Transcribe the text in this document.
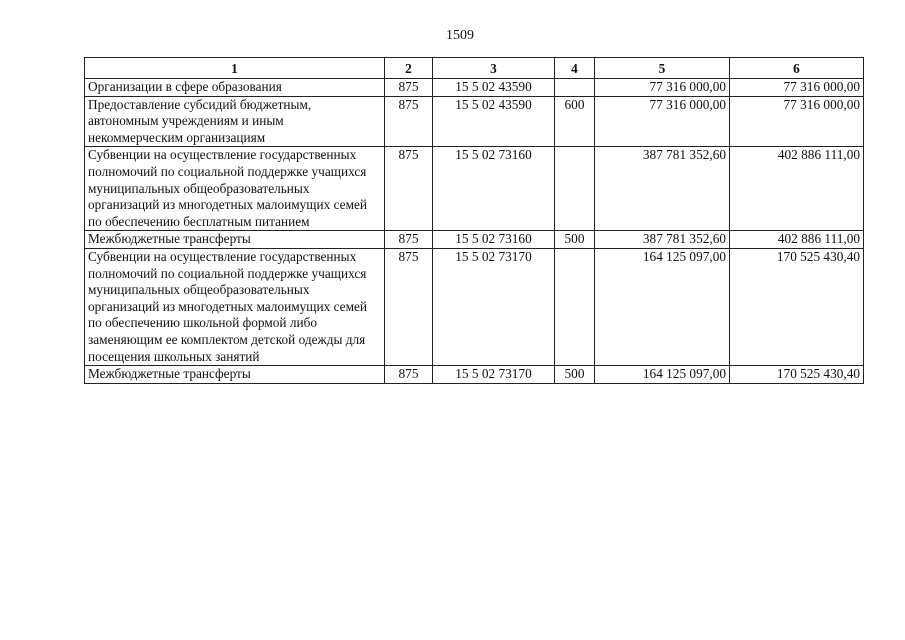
1509
1	2	3	4	5	6
Организации в сфере образования	875	15 5 02 43590		77 316 000,00	77 316 000,00
Предоставление субсидий бюджетным, автономным учреждениям и иным некоммерческим организациям	875	15 5 02 43590	600	77 316 000,00	77 316 000,00
Субвенции на осуществление государственных полномочий по социальной поддержке учащихся муниципальных общеобразовательных организаций из многодетных малоимущих семей по обеспечению бесплатным питанием	875	15 5 02 73160		387 781 352,60	402 886 111,00
Межбюджетные трансферты	875	15 5 02 73160	500	387 781 352,60	402 886 111,00
Субвенции на осуществление государственных полномочий по социальной поддержке учащихся муниципальных общеобразовательных организаций из многодетных малоимущих семей по обеспечению школьной формой либо заменяющим ее комплектом детской одежды для посещения школьных занятий	875	15 5 02 73170		164 125 097,00	170 525 430,40
Межбюджетные трансферты	875	15 5 02 73170	500	164 125 097,00	170 525 430,40
